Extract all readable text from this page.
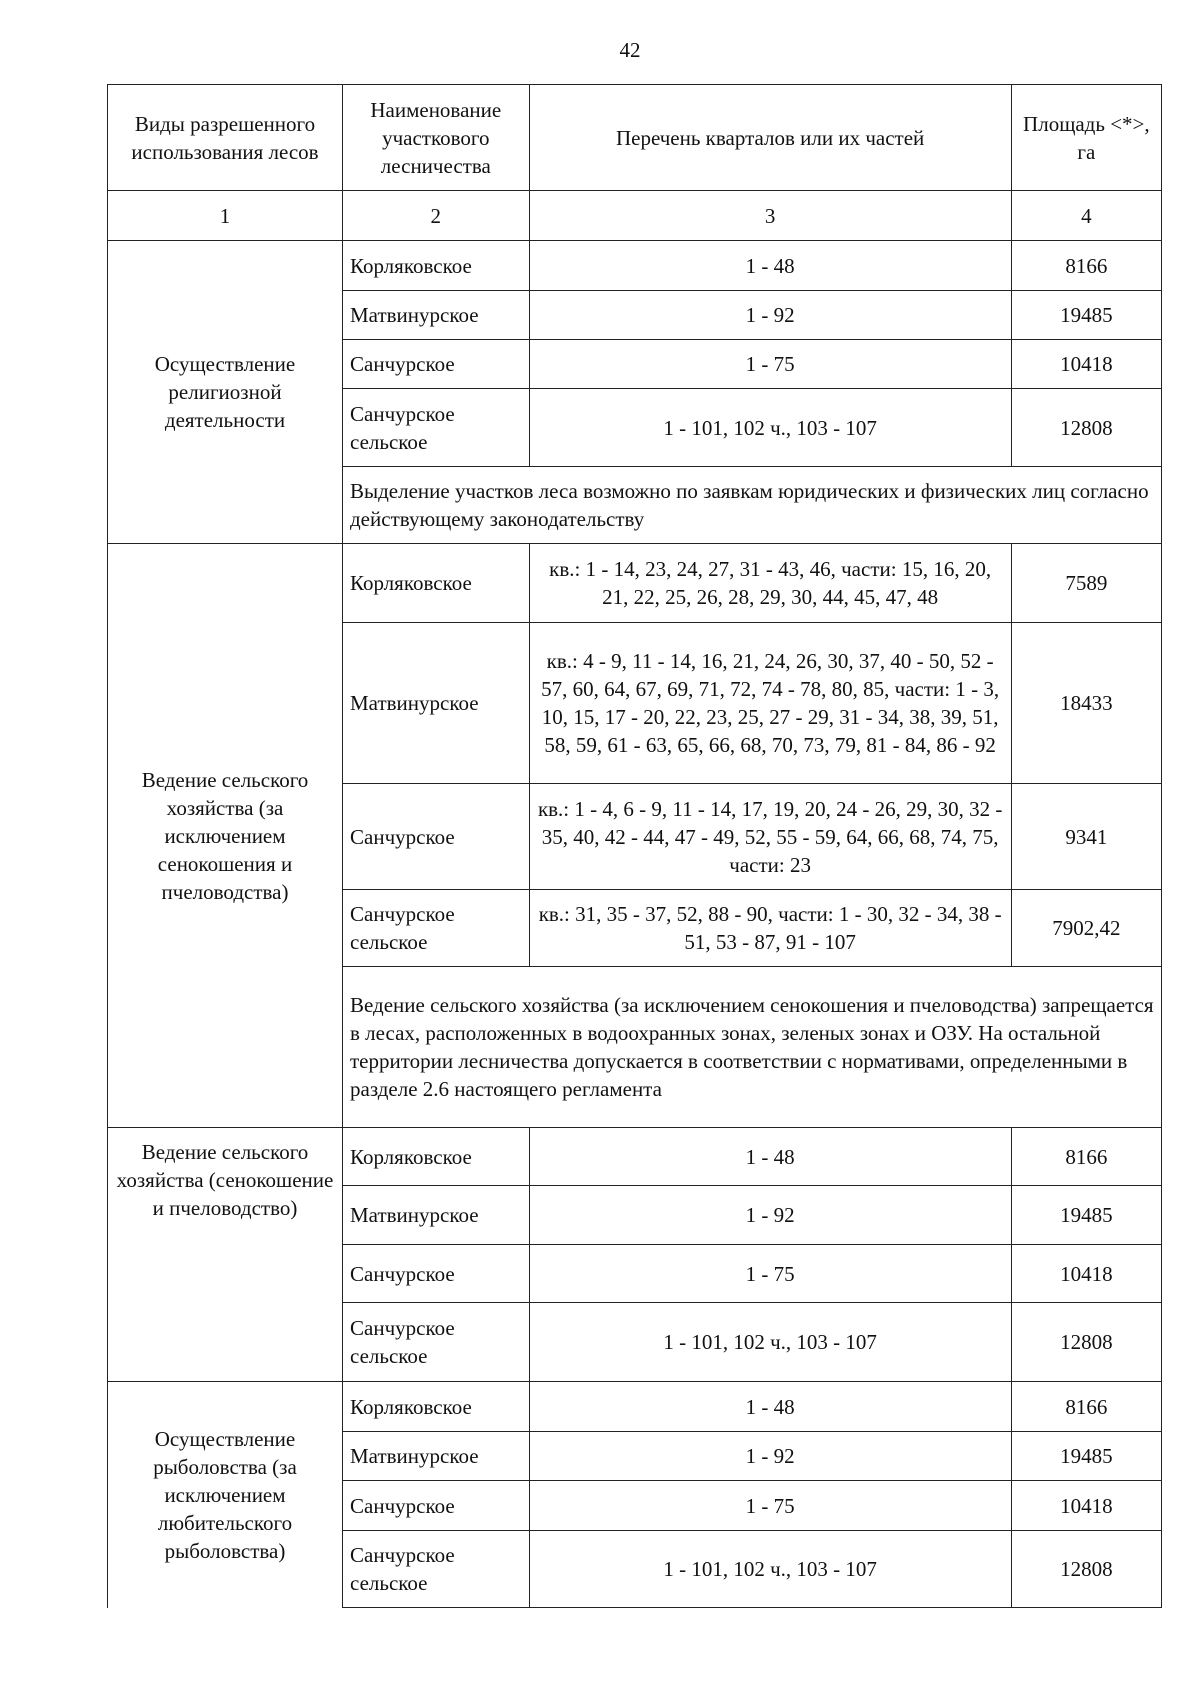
42
Виды разрешенного использования лесов	Наименование участкового лесничества	Перечень кварталов или их частей	Площадь <*>, га
1	2	3	4
Осуществление религиозной деятельности	Корляковское	1 - 48	8166
	Матвинурское	1 - 92	19485
	Санчурское	1 - 75	10418
	Санчурское сельское	1 - 101, 102 ч., 103 - 107	12808
	Выделение участков леса возможно по заявкам юридических и физических лиц согласно действующему законодательству		
Ведение сельского хозяйства (за исключением сенокошения и пчеловодства)	Корляковское	кв.: 1 - 14, 23, 24, 27, 31 - 43, 46, части: 15, 16, 20, 21, 22, 25, 26, 28, 29, 30, 44, 45, 47, 48	7589
	Матвинурское	кв.: 4 - 9, 11 - 14, 16, 21, 24, 26, 30, 37, 40 - 50, 52 - 57, 60, 64, 67, 69, 71, 72, 74 - 78, 80, 85, части: 1 - 3, 10, 15, 17 - 20, 22, 23, 25, 27 - 29, 31 - 34, 38, 39, 51, 58, 59, 61 - 63, 65, 66, 68, 70, 73, 79, 81 - 84, 86 - 92	18433
	Санчурское	кв.: 1 - 4, 6 - 9, 11 - 14, 17, 19, 20, 24 - 26, 29, 30, 32 - 35, 40, 42 - 44, 47 - 49, 52, 55 - 59, 64, 66, 68, 74, 75, части: 23	9341
	Санчурское сельское	кв.: 31, 35 - 37, 52, 88 - 90, части: 1 - 30, 32 - 34, 38 - 51, 53 - 87, 91 - 107	7902,42
	Ведение сельского хозяйства (за исключением сенокошения и пчеловодства) запрещается в лесах, расположенных в водоохранных зонах, зеленых зонах и ОЗУ. На остальной территории лесничества допускается в соответствии с нормативами, определенными в разделе 2.6 настоящего регламента		
Ведение сельского хозяйства (сенокошение и пчеловодство)	Корляковское	1 - 48	8166
	Матвинурское	1 - 92	19485
	Санчурское	1 - 75	10418
	Санчурское сельское	1 - 101, 102 ч., 103 - 107	12808
Осуществление рыболовства (за исключением любительского рыболовства)	Корляковское	1 - 48	8166
	Матвинурское	1 - 92	19485
	Санчурское	1 - 75	10418
	Санчурское сельское	1 - 101, 102 ч., 103 - 107	12808
